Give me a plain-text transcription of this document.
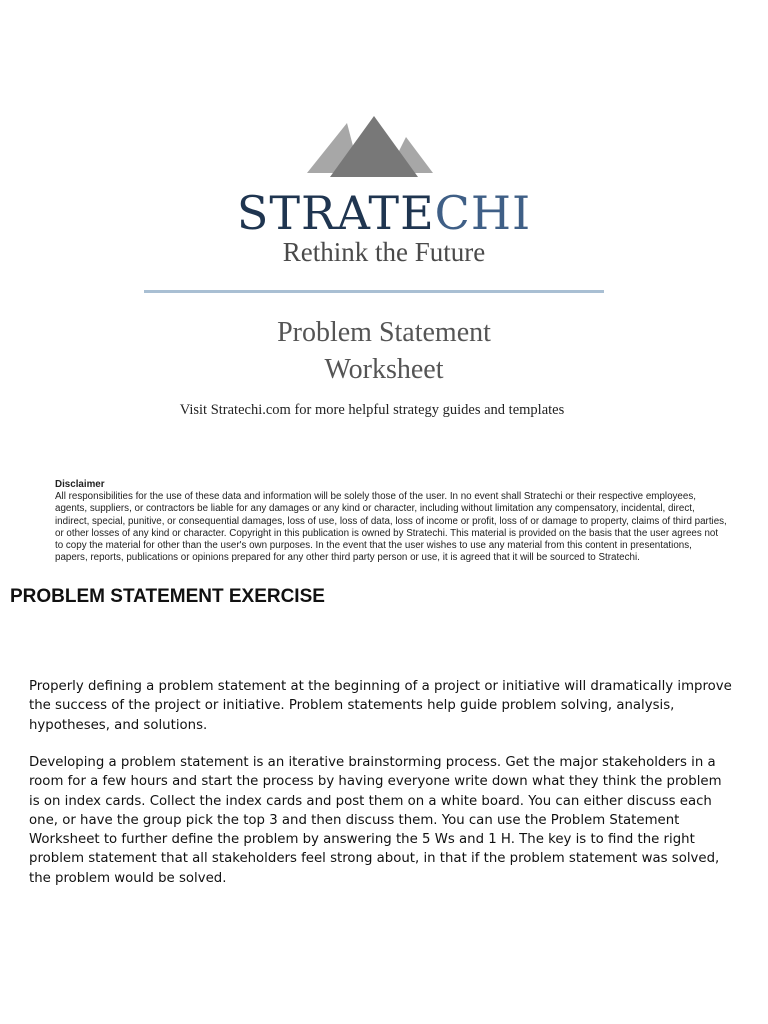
STRATECHI
Rethink the Future
Problem Statement
Worksheet
Visit Stratechi.com for more helpful strategy guides and templates
Disclaimer
All responsibilities for the use of these data and information will be solely those of the user. In no event shall Stratechi or their respective employees, agents, suppliers, or contractors be liable for any damages or any kind or character, including without limitation any compensatory, incidental, direct, indirect, special, punitive, or consequential damages, loss of use, loss of data, loss of income or profit, loss of or damage to property, claims of third parties, or other losses of any kind or character. Copyright in this publication is owned by Stratechi. This material is provided on the basis that the user agrees not to copy the material for other than the user's own purposes. In the event that the user wishes to use any material from this content in presentations, papers, reports, publications or opinions prepared for any other third party person or use, it is agreed that it will be sourced to Stratechi.
PROBLEM STATEMENT EXERCISE
Properly defining a problem statement at the beginning of a project or initiative will dramatically improve the success of the project or initiative. Problem statements help guide problem solving, analysis, hypotheses, and solutions.
Developing a problem statement is an iterative brainstorming process. Get the major stakeholders in a room for a few hours and start the process by having everyone write down what they think the problem is on index cards. Collect the index cards and post them on a white board. You can either discuss each one, or have the group pick the top 3 and then discuss them. You can use the Problem Statement Worksheet to further define the problem by answering the 5 Ws and 1 H. The key is to find the right problem statement that all stakeholders feel strong about, in that if the problem statement was solved, the problem would be solved.
